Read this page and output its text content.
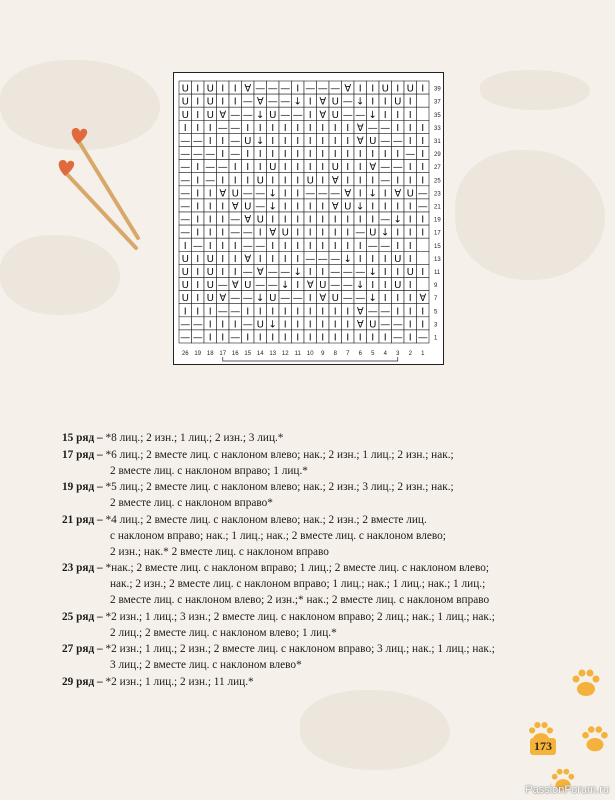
U I U I I ∀ — — — I — — — ∀ I I U I U I
U I U I I — ∀ — — ↓ I ∀ U — ↓ I I U I
U I U ∀ — — ↓ U — — I ∀ U — — ↓ I I I
I I I — — I I I I I I I I I ∀ — — I I I
— — I I — U ↓ I I I I I I I ∀ U — — I I
— — — I — I I I I I I I I I I I I I — I
— I — — I I I U I I I I U I I ∀ — — I I
— I — I I I U I I I U I ∀ I I I — I I I
— I I ∀ U — — ↓ I I — — — ∀ I ↓ I ∀ U —
— I I I ∀ U — ↓ I I I I ∀ U ↓ I I I I —
— I I I — ∀ U I I I I I I I I I — ↓ I I
— I I I — — I ∀ U I I I I I — U ↓ I I I
I — I I I — — I I I I I I I I — — I I
U I U I I ∀ I I I I — — — ↓ I I I U I
U I U I I — ∀ — — ↓ I I — — — ↓ I I U I
U I U — ∀ U — — ↓ I ∀ U — — ↓ I I U I
U I U ∀ — — ↓ U — — I ∀ U — — ↓ I I I ∀
I I I — — I I I I I I I I I ∀ — — I I I
— — I I I — U ↓ I I I I I I ∀ U — — I I
— — I I — I I I I I I I I I I I I — I —
39
37
35
33
31
29
27
25
23
21
19
17
15
13
11
9
7
5
3
1
26 19 18 17 16 15 14 13 12 11 10 9 8 7 6 5 4 3 2 1
15 ряд – *8 лиц.; 2 изн.; 1 лиц.; 2 изн.; 3 лиц.*
17 ряд – *6 лиц.; 2 вместе лиц. с наклоном влево; нак.; 2 изн.; 1 лиц.; 2 изн.; нак.;
2 вместе лиц. с наклоном вправо; 1 лиц.*
19 ряд – *5 лиц.; 2 вместе лиц. с наклоном влево; нак.; 2 изн.; 3 лиц.; 2 изн.; нак.;
2 вместе лиц. с наклоном вправо*
21 ряд – *4 лиц.; 2 вместе лиц. с наклоном влево; нак.; 2 изн.; 2 вместе лиц.
с наклоном вправо; нак.; 1 лиц.; нак.; 2 вместе лиц. с наклоном влево;
2 изн.; нак.* 2 вместе лиц. с наклоном вправо
23 ряд – *нак.; 2 вместе лиц. с наклоном вправо; 1 лиц.; 2 вместе лиц. с наклоном влево;
нак.; 2 изн.; 2 вместе лиц. с наклоном вправо; 1 лиц.; нак.; 1 лиц.; нак.; 1 лиц.;
2 вместе лиц. с наклоном влево; 2 изн.;* нак.; 2 вместе лиц. с наклоном вправо
25 ряд – *2 изн.; 1 лиц.; 3 изн.; 2 вместе лиц. с наклоном вправо; 2 лиц.; нак.; 1 лиц.; нак.;
2 лиц.; 2 вместе лиц. с наклоном влево; 1 лиц.*
27 ряд – *2 изн.; 1 лиц.; 2 изн.; 2 вместе лиц. с наклоном вправо; 3 лиц.; нак.; 1 лиц.; нак.;
3 лиц.; 2 вместе лиц. с наклоном влево*
29 ряд – *2 изн.; 1 лиц.; 2 изн.; 11 лиц.*
173
PassionForum.ru
